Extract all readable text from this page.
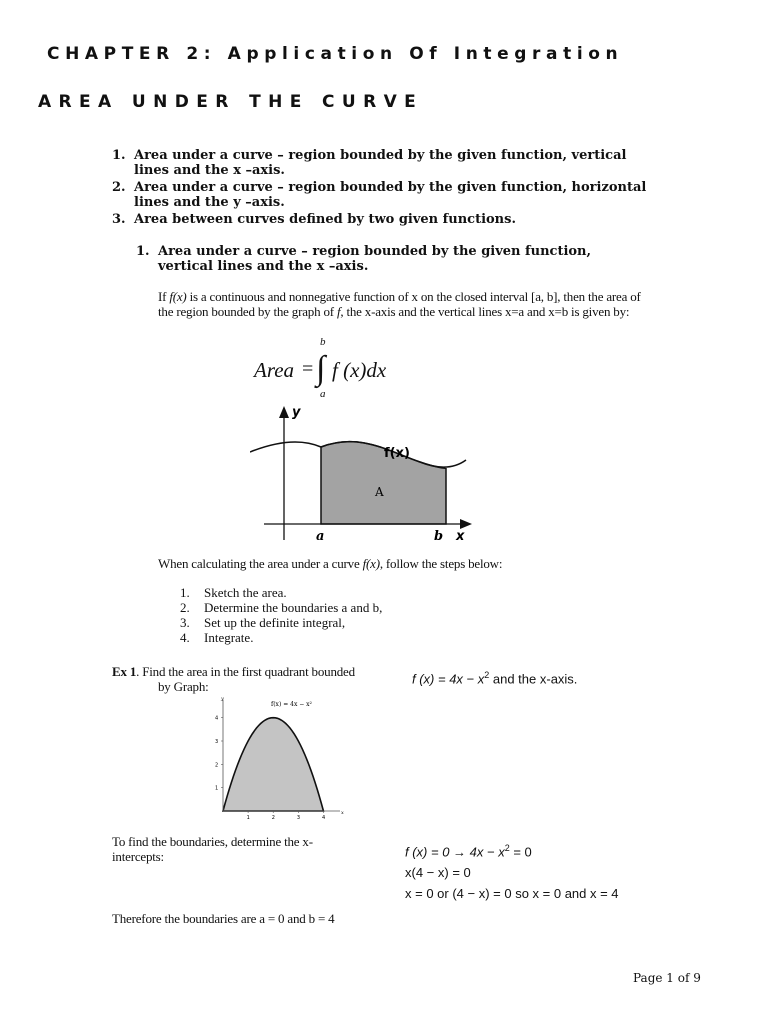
CHAPTER 2: Application Of Integration
AREA UNDER THE CURVE
1. Area under a curve – region bounded by the given function, vertical lines and the x –axis.
2. Area under a curve – region bounded by the given function, horizontal lines and the y –axis.
3. Area between curves defined by two given functions.
1. Area under a curve – region bounded by the given function, vertical lines and the x –axis.
If f(x) is a continuous and nonnegative function of x on the closed interval [a, b], then the area of the region bounded by the graph of f, the x-axis and the vertical lines x=a and x=b is given by:
Area = ∫ f (x)dx
b
a
y
x
a	b
f(x)
A
When calculating the area under a curve f(x), follow the steps below:
1.	Sketch the area.
2.	Determine the boundaries a and b,
3.	Set up the definite integral,
4.	Integrate.
Ex 1. Find the area in the first quadrant bounded
by Graph:
f $(x) = 4x - x^2$ and the x-axis.
f(x) = 4x − x²
x
y
1	2	3	4
1
2
3
4
To find the boundaries, determine the x-
intercepts:	f $(x) = 0 \to 4x - x^2 = 0$
x(4 − x) = 0
x = 0 or (4 − x) = 0 so x = 0 and x = 4
Therefore the boundaries are a = 0 and b = 4
Page 1 of 9
